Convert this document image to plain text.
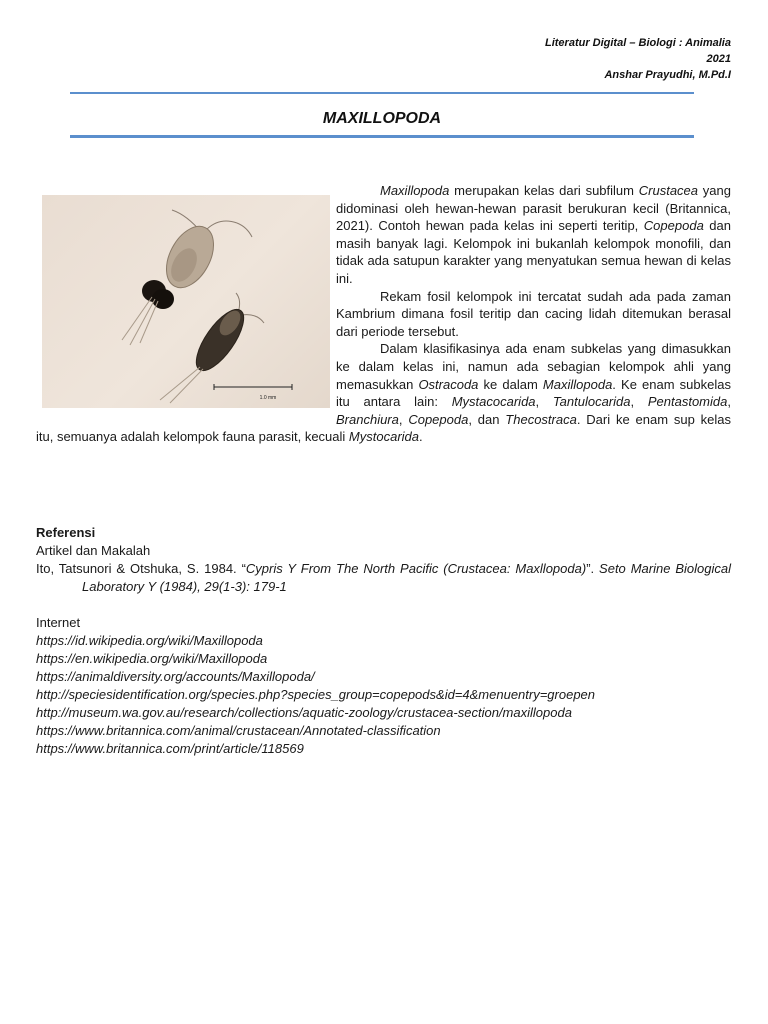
Literatur Digital – Biologi : Animalia
2021
Anshar Prayudhi, M.Pd.I
MAXILLOPODA
1.0 mm

Maxillopoda merupakan kelas dari subfilum Crustacea yang didominasi oleh hewan-hewan parasit berukuran kecil (Britannica, 2021). Contoh hewan pada kelas ini seperti teritip, Copepoda dan masih banyak lagi. Kelompok ini bukanlah kelompok monofili, dan tidak ada satupun karakter yang menyatukan semua hewan di kelas ini.

Rekam fosil kelompok ini tercatat sudah ada pada zaman Kambrium dimana fosil teritip dan cacing lidah ditemukan berasal dari periode tersebut.

Dalam klasifikasinya ada enam subkelas yang dimasukkan ke dalam kelas ini, namun ada sebagian kelompok ahli yang memasukkan Ostracoda ke dalam Maxillopoda. Ke enam subkelas itu antara lain: Mystacocarida, Tantulocarida, Pentastomida, Branchiura, Copepoda, dan Thecostraca. Dari ke enam sup kelas itu, semuanya adalah kelompok fauna parasit, kecuali Mystocarida.

Referensi
Artikel dan Makalah
Ito, Tatsunori & Otshuka, S. 1984. “Cypris Y From The North Pacific (Crustacea: Maxllopoda)”. Seto Marine Biological Laboratory Y (1984), 29(1-3): 179-1
Internet
https://id.wikipedia.org/wiki/Maxillopoda
https://en.wikipedia.org/wiki/Maxillopoda
https://animaldiversity.org/accounts/Maxillopoda/
http://speciesidentification.org/species.php?species_group=copepods&id=4&menuentry=groepen
http://museum.wa.gov.au/research/collections/aquatic-zoology/crustacea-section/maxillopoda
https://www.britannica.com/animal/crustacean/Annotated-classification
https://www.britannica.com/print/article/118569
